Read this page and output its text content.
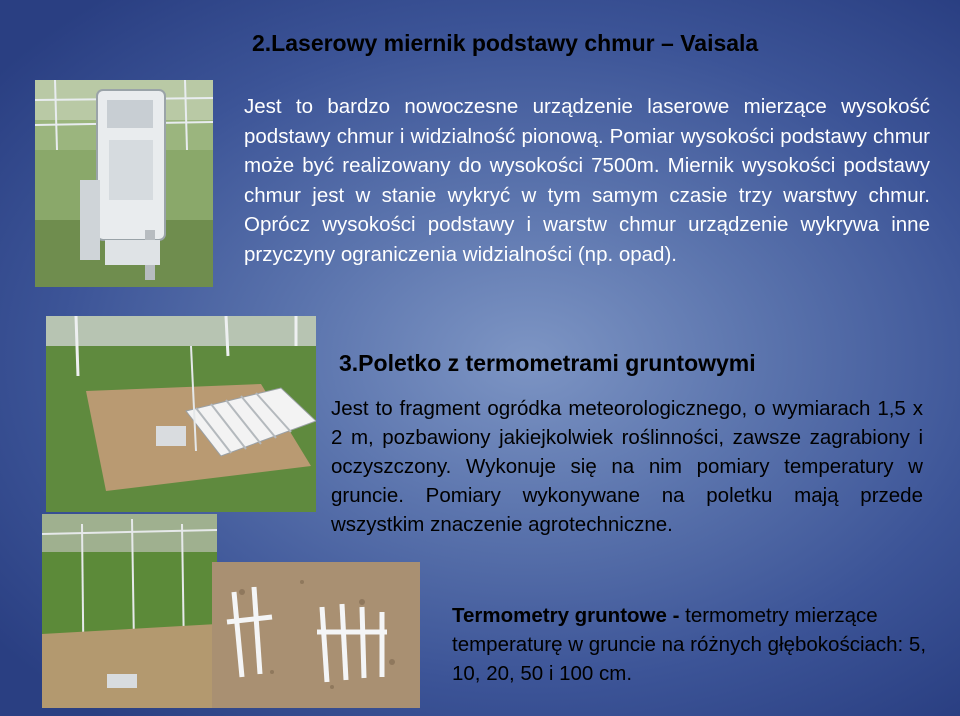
2.Laserowy miernik podstawy chmur – Vaisala

Jest to bardzo nowoczesne urządzenie laserowe mierzące wysokość podstawy chmur i widzialność pionową. Pomiar wysokości podstawy chmur może być realizowany do wysokości 7500m. Miernik wysokości podstawy chmur jest w stanie wykryć w tym samym czasie trzy warstwy chmur. Oprócz wysokości podstawy i warstw chmur urządzenie wykrywa inne przyczyny ograniczenia widzialności (np. opad).

3.Poletko z termometrami gruntowymi

Jest to fragment ogródka meteorologicznego, o wymiarach 1,5 x 2 m, pozbawiony jakiejkolwiek roślinności, zawsze zagrabiony i oczyszczony. Wykonuje się na nim pomiary temperatury w gruncie. Pomiary wykonywane na poletku mają przede wszystkim znaczenie agrotechniczne.

Termometry gruntowe - termometry mierzące temperaturę w gruncie na różnych głębokościach: 5, 10, 20, 50 i 100 cm.
